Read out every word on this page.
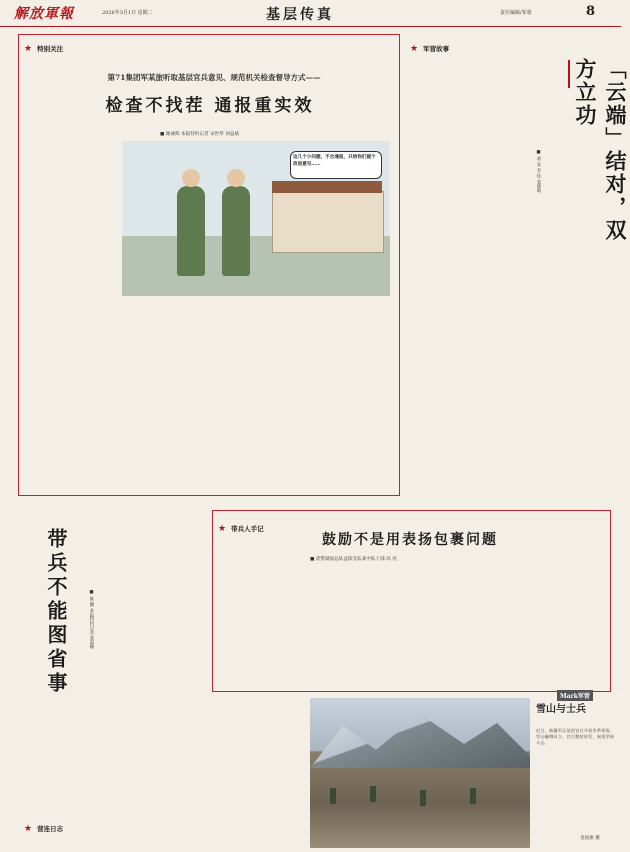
解放軍報	2026年3月1日 星期二	基层传真	责任编辑/邹蓉	8
★ 特别关注
第71集团军某旅听取基层官兵意见、规范机关检查督导方式——
检查不找茬 通报重实效
■ 谢诚辉 本报特约记者 宋世华 刘益斌
这几个小问题，不合通报，只给你们提个改进意见……
★ 军营故事
「云端」结对，双方立功
■ 黄 安 李 佳 姜晓鸣
带兵不能图省事	■ 陈 鹏 本报特约记者 张磊峰
★ 带兵人手记
鼓励不是用表扬包裹问题
■ 武警湖南总队益阳支队某中队干部 高 亮
★ 营连日志
Mark军营
雪山与士兵
近日，新疆军区某团官兵开展冬季训练，雪山巍峨耸立，官兵整装待发，展现昂扬斗志。
金国惠 摄
